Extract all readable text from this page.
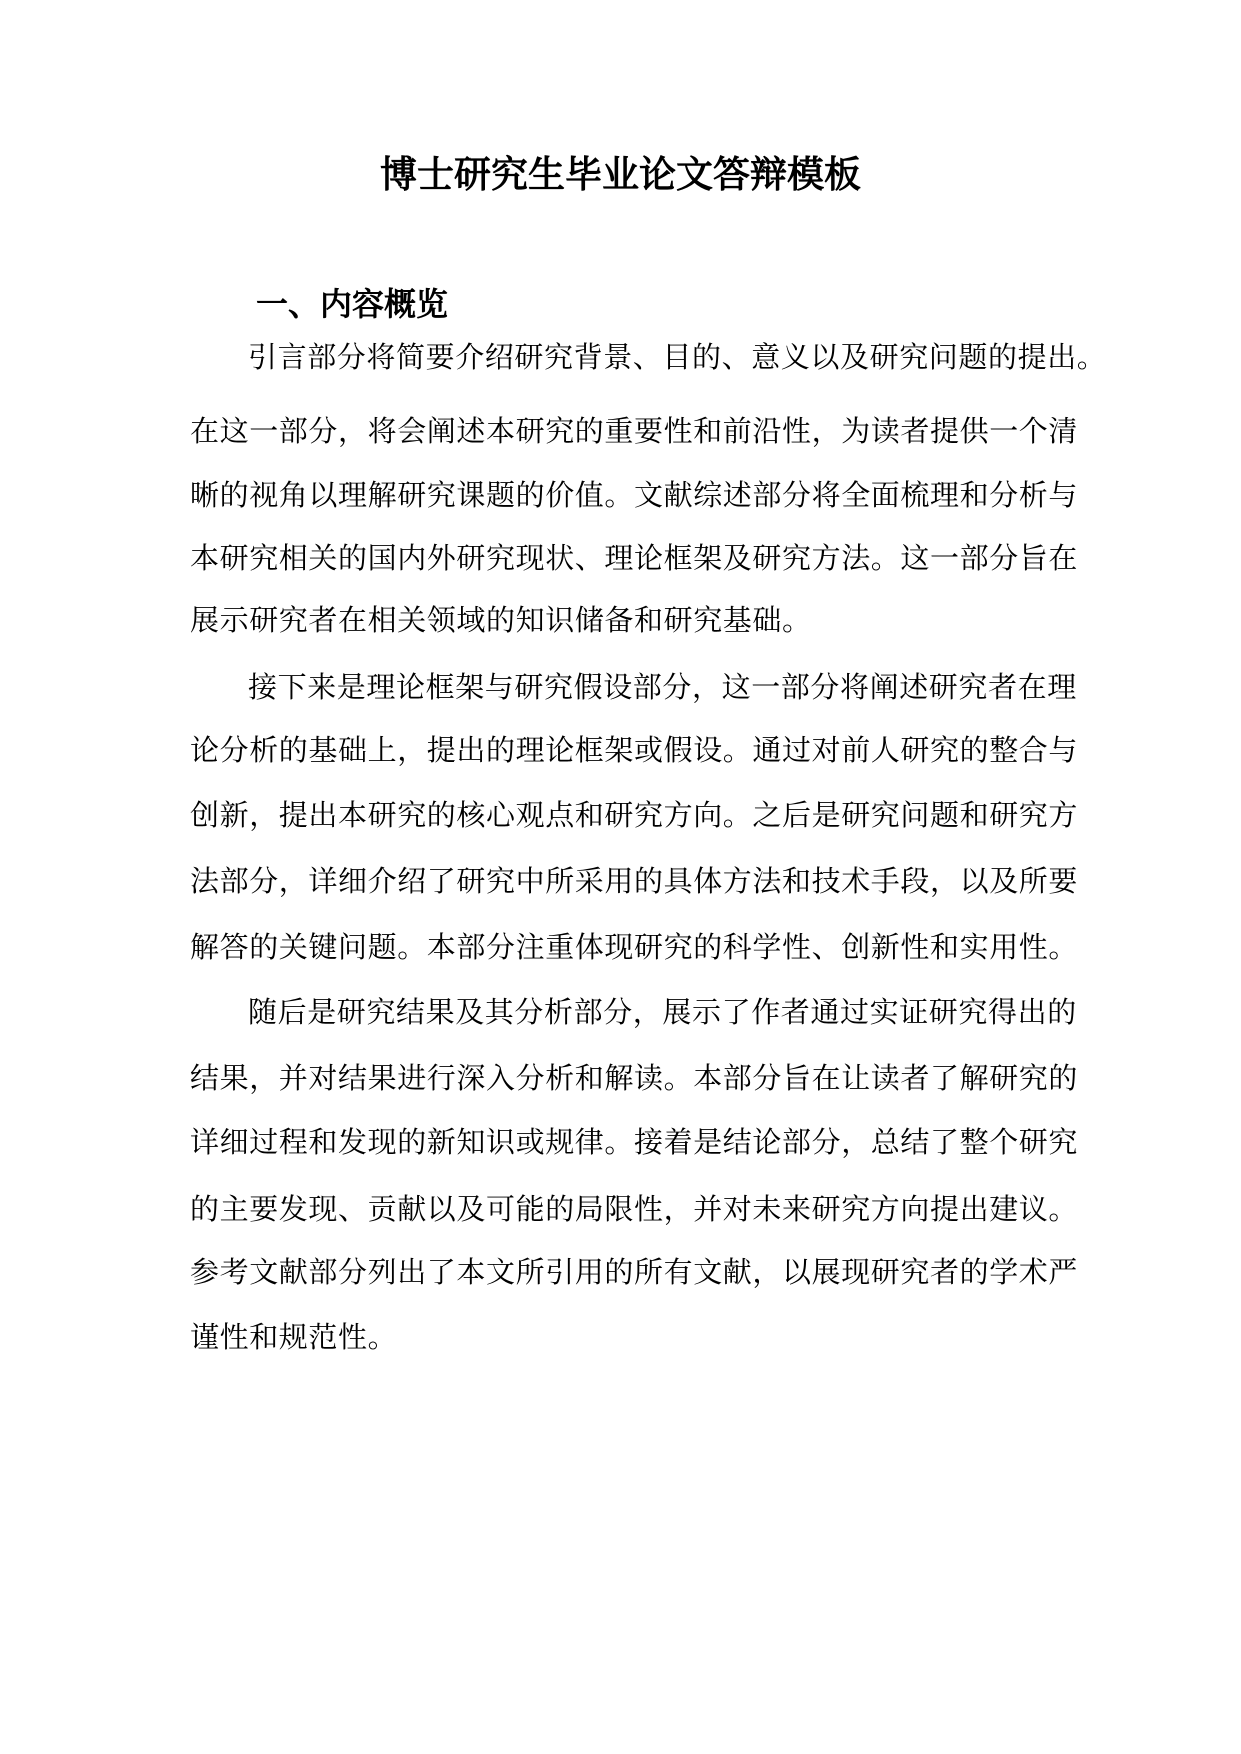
博士研究生毕业论文答辩模板
一、内容概览

引言部分将简要介绍研究背景、目的、意义以及研究问题的提出。

在这一部分，将会阐述本研究的重要性和前沿性，为读者提供一个清

晰的视角以理解研究课题的价值。文献综述部分将全面梳理和分析与

本研究相关的国内外研究现状、理论框架及研究方法。这一部分旨在

展示研究者在相关领域的知识储备和研究基础。

接下来是理论框架与研究假设部分，这一部分将阐述研究者在理

论分析的基础上，提出的理论框架或假设。通过对前人研究的整合与

创新，提出本研究的核心观点和研究方向。之后是研究问题和研究方

法部分，详细介绍了研究中所采用的具体方法和技术手段，以及所要

解答的关键问题。本部分注重体现研究的科学性、创新性和实用性。

随后是研究结果及其分析部分，展示了作者通过实证研究得出的

结果，并对结果进行深入分析和解读。本部分旨在让读者了解研究的

详细过程和发现的新知识或规律。接着是结论部分，总结了整个研究

的主要发现、贡献以及可能的局限性，并对未来研究方向提出建议。

参考文献部分列出了本文所引用的所有文献，以展现研究者的学术严

谨性和规范性。
